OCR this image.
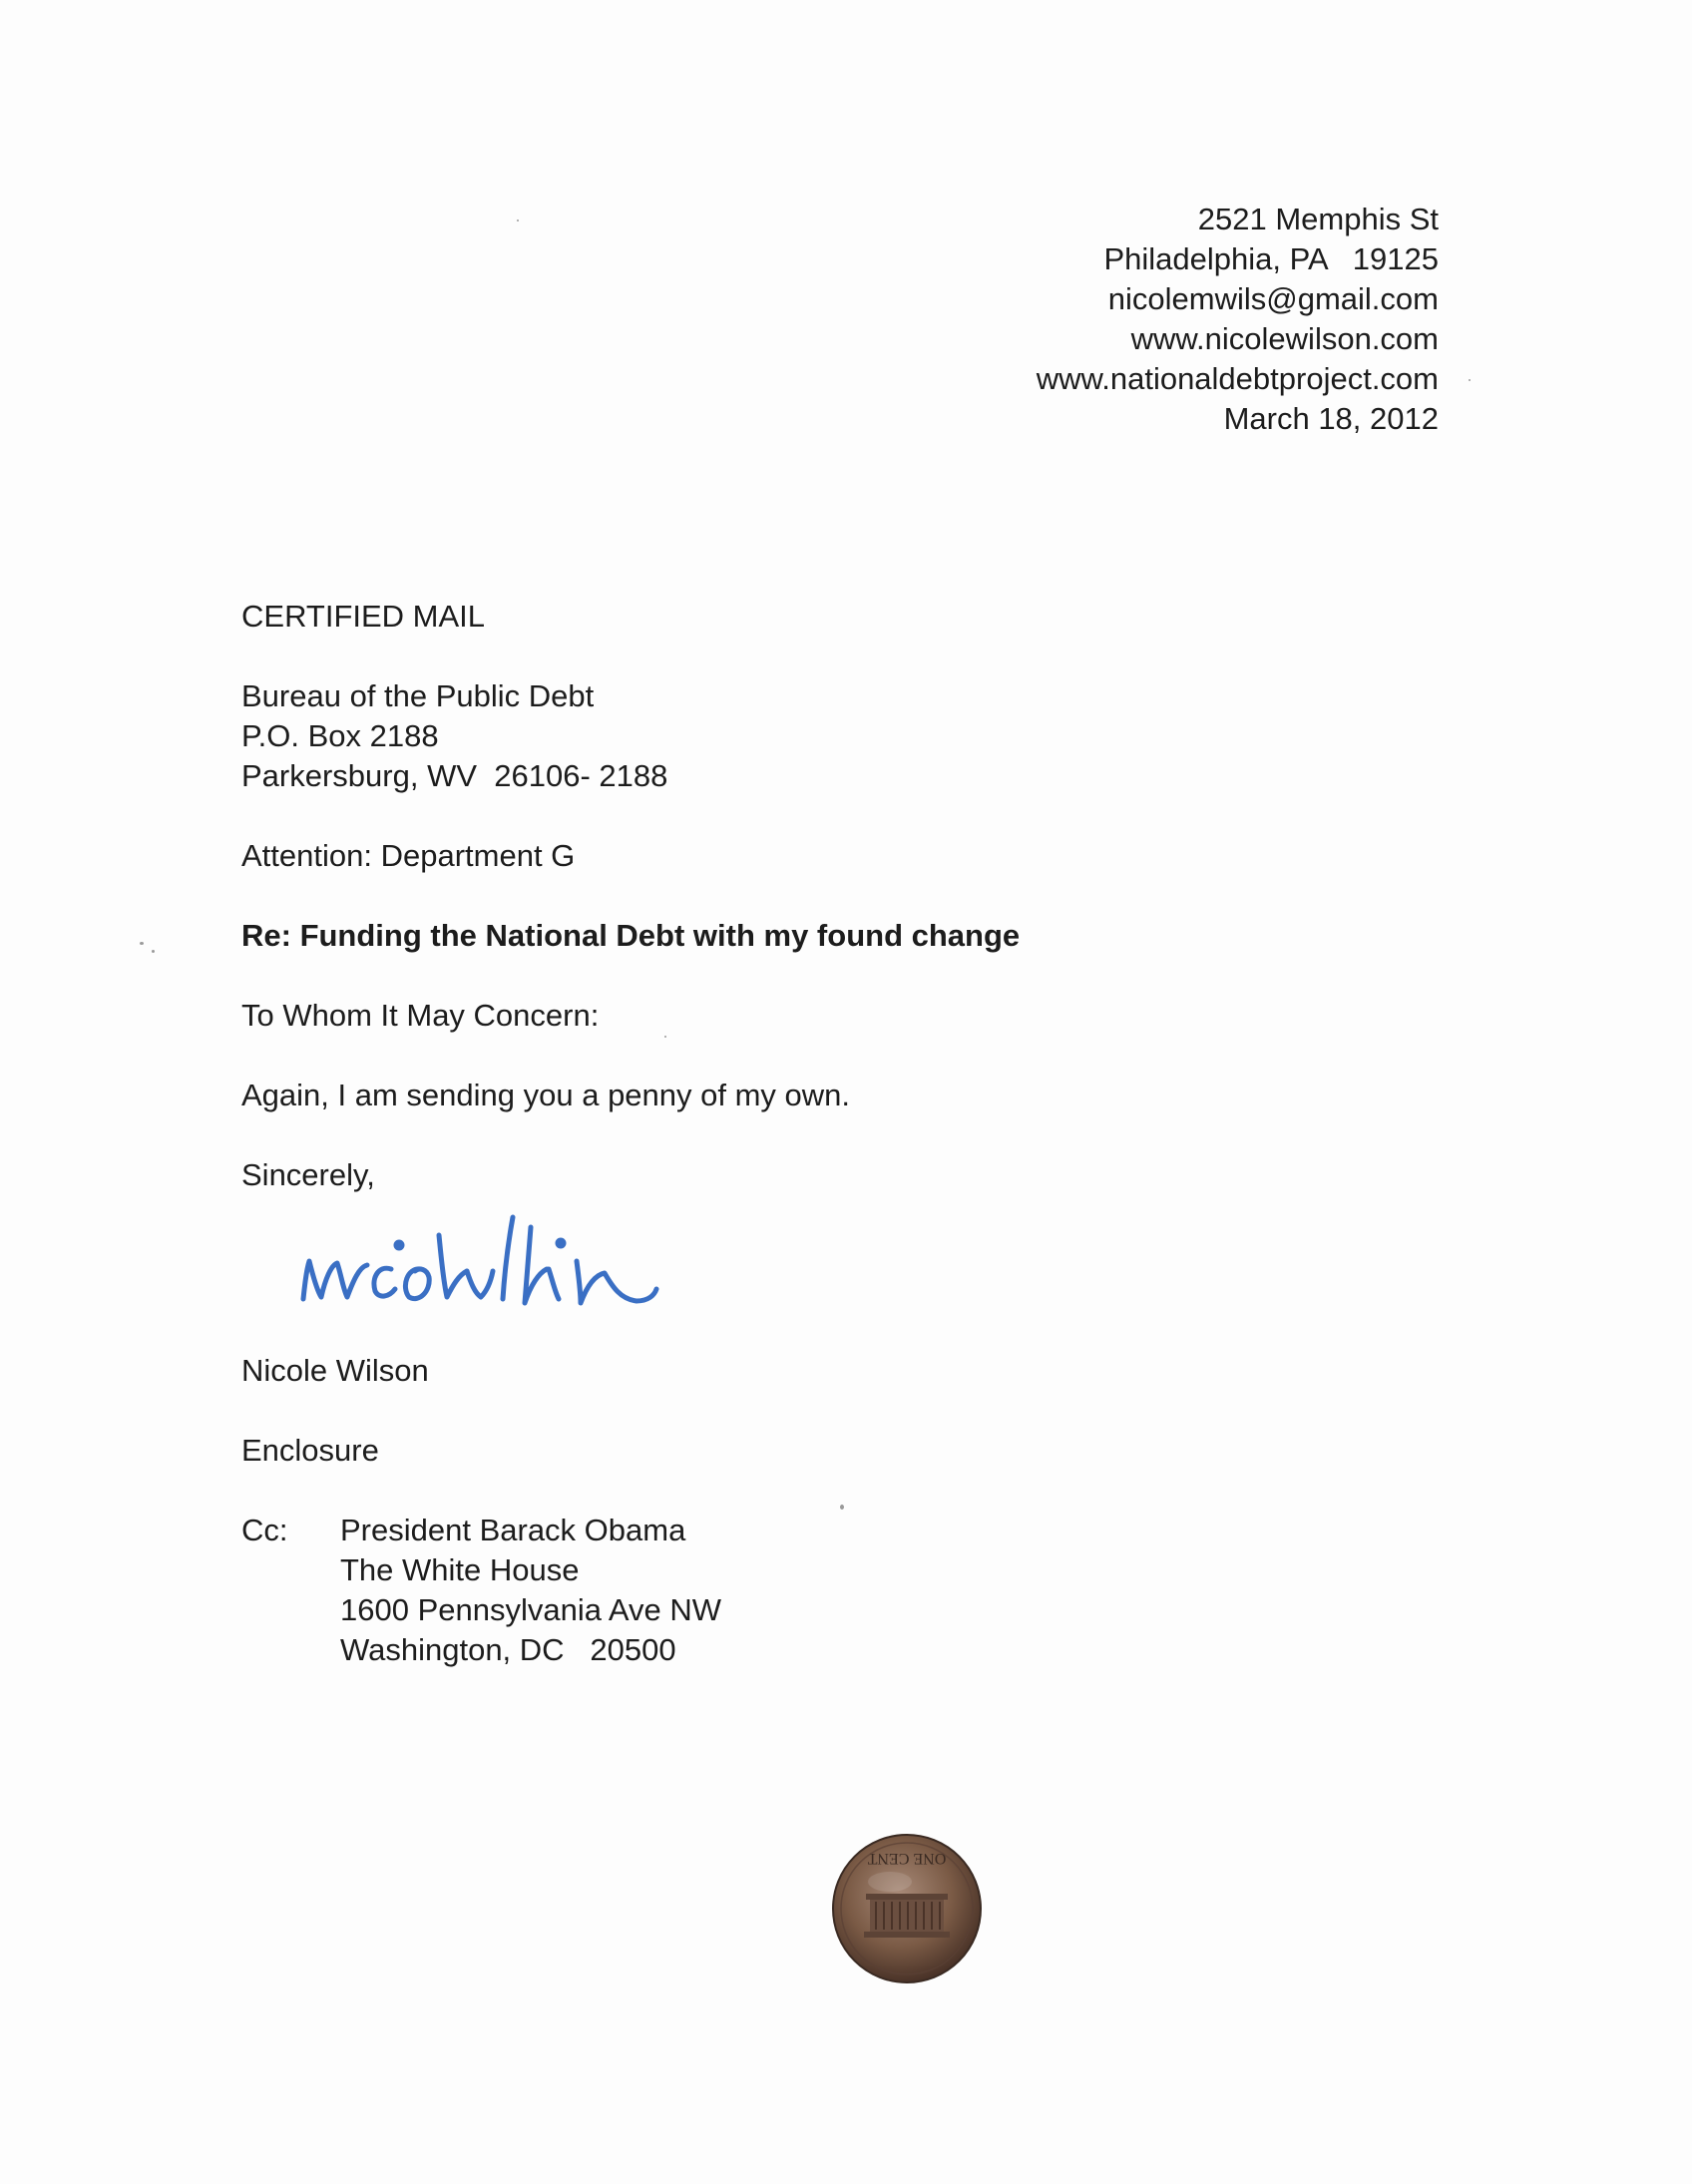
2521 Memphis St
Philadelphia, PA   19125
nicolemwils@gmail.com
www.nicolewilson.com
www.nationaldebtproject.com
March 18, 2012
CERTIFIED MAIL
Bureau of the Public Debt
P.O. Box 2188
Parkersburg, WV  26106- 2188
Attention: Department G
Re: Funding the National Debt with my found change
To Whom It May Concern:
Again, I am sending you a penny of my own.
Sincerely,
Nicole Wilson
Enclosure
Cc: President Barack Obama
The White House
1600 Pennsylvania Ave NW
Washington, DC   20500
ONE CENT
